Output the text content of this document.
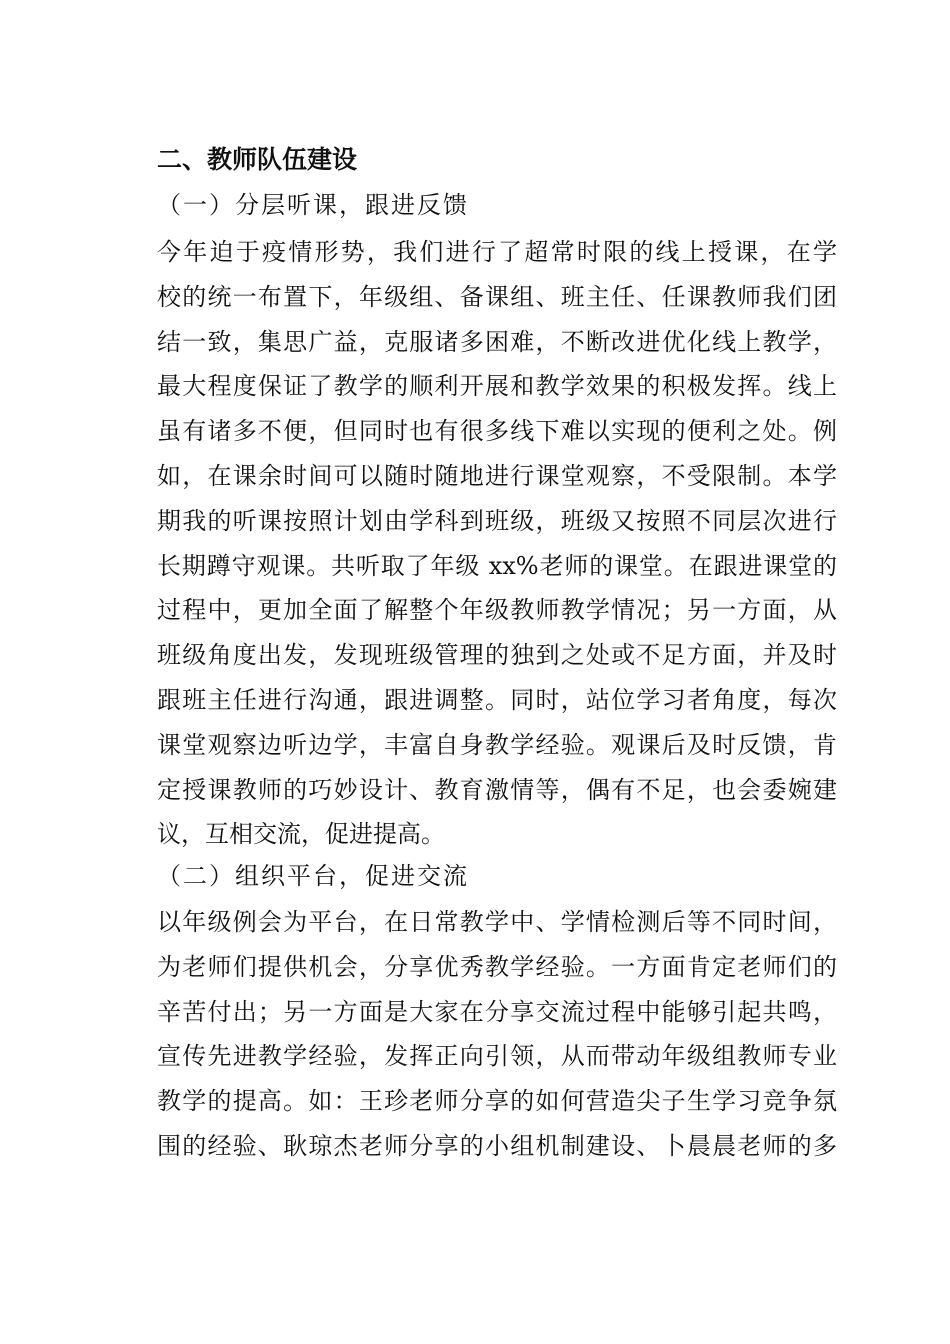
二、教师队伍建设
（一）分层听课，跟进反馈
今年迫于疫情形势，我们进行了超常时限的线上授课，在学
校的统一布置下，年级组、备课组、班主任、任课教师我们团
结一致，集思广益，克服诸多困难，不断改进优化线上教学，
最大程度保证了教学的顺利开展和教学效果的积极发挥。线上
虽有诸多不便，但同时也有很多线下难以实现的便利之处。例
如，在课余时间可以随时随地进行课堂观察，不受限制。本学
期我的听课按照计划由学科到班级，班级又按照不同层次进行
长期蹲守观课。共听取了年级 xx%老师的课堂。在跟进课堂的
过程中，更加全面了解整个年级教师教学情况；另一方面，从
班级角度出发，发现班级管理的独到之处或不足方面，并及时
跟班主任进行沟通，跟进调整。同时，站位学习者角度，每次
课堂观察边听边学，丰富自身教学经验。观课后及时反馈，肯
定授课教师的巧妙设计、教育激情等，偶有不足，也会委婉建
议，互相交流，促进提高。
（二）组织平台，促进交流
以年级例会为平台，在日常教学中、学情检测后等不同时间，
为老师们提供机会，分享优秀教学经验。一方面肯定老师们的
辛苦付出；另一方面是大家在分享交流过程中能够引起共鸣，
宣传先进教学经验，发挥正向引领，从而带动年级组教师专业
教学的提高。如：王珍老师分享的如何营造尖子生学习竞争氛
围的经验、耿琼杰老师分享的小组机制建设、卜晨晨老师的多
